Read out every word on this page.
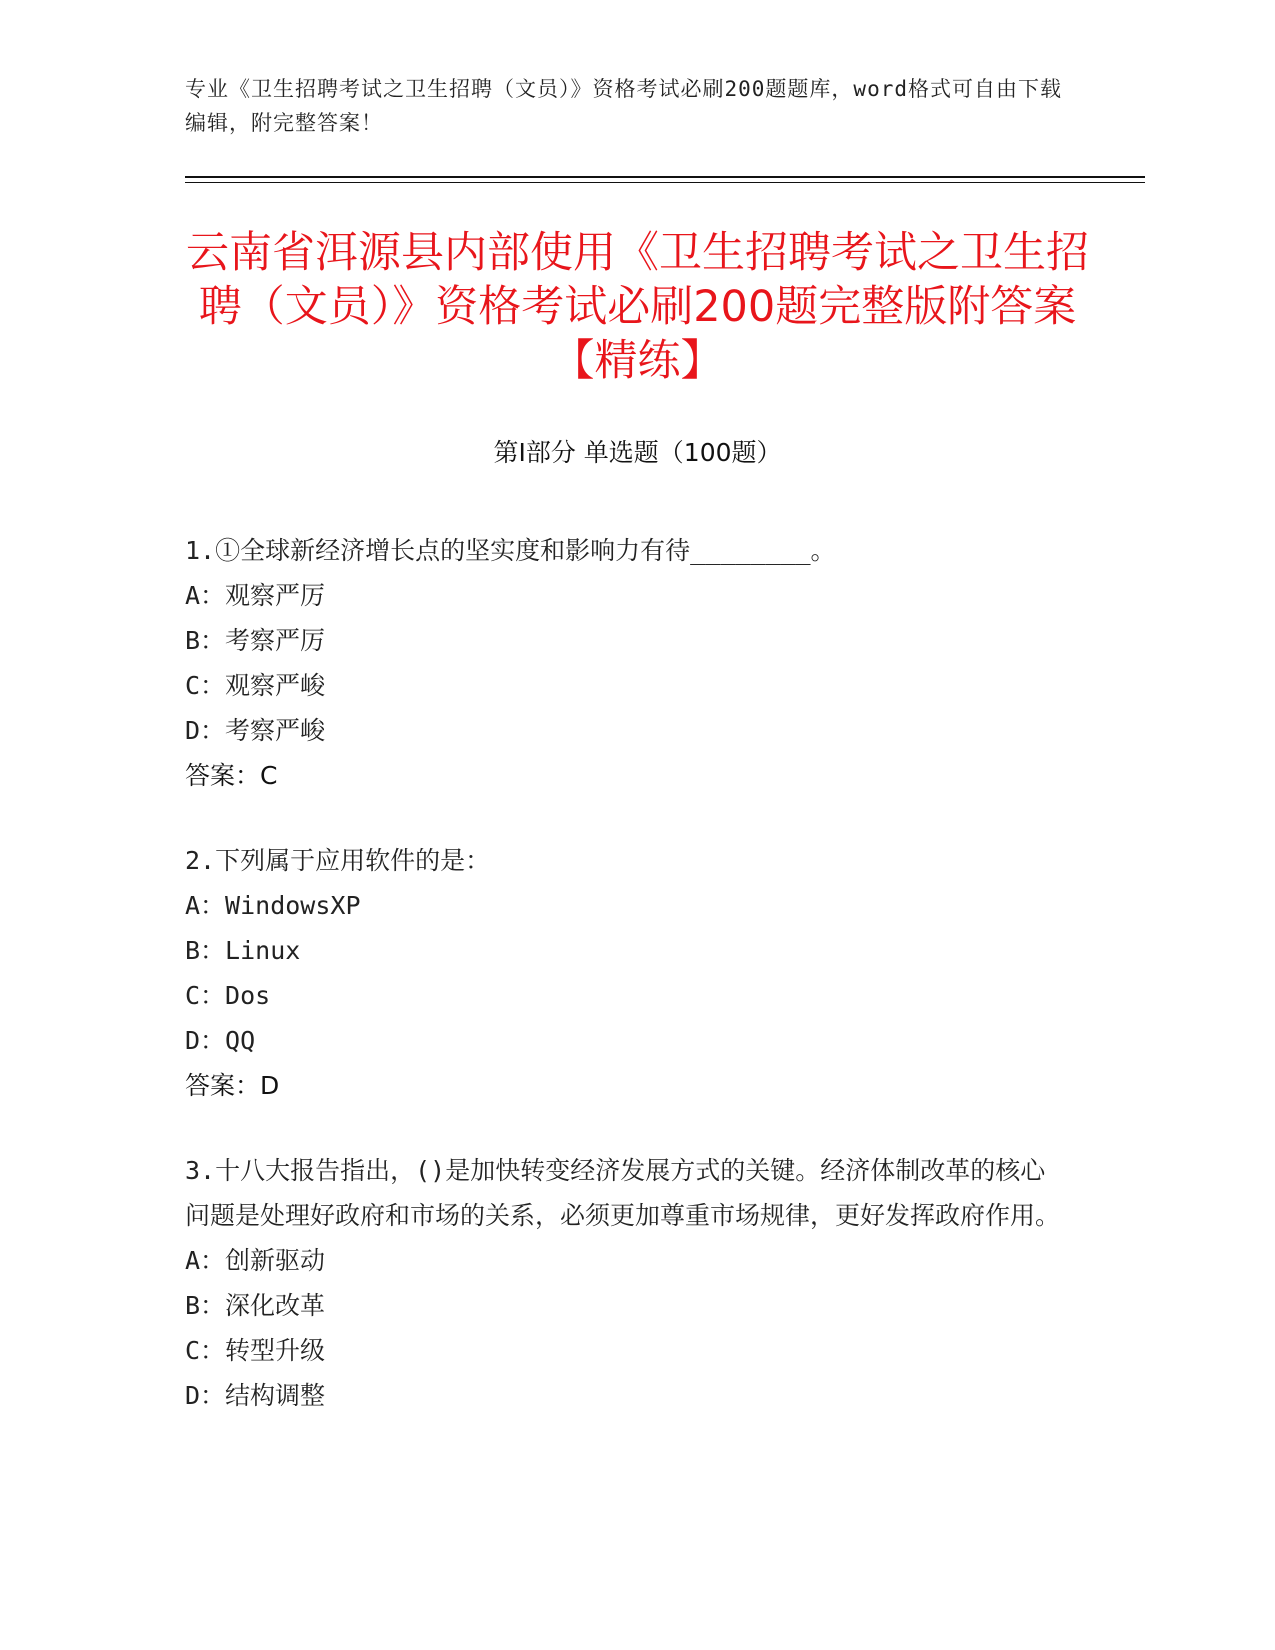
专业《卫生招聘考试之卫生招聘（文员）》资格考试必刷200题题库，word格式可自由下载编辑，附完整答案！
云南省洱源县内部使用《卫生招聘考试之卫生招聘（文员）》资格考试必刷200题完整版附答案【精练】
第Ⅰ部分 单选题（100题）
1.①全球新经济增长点的坚实度和影响力有待________。
A：观察严厉
B：考察严厉
C：观察严峻
D：考察严峻
答案：C
2.下列属于应用软件的是：
A：WindowsXP
B：Linux
C：Dos
D：QQ
答案：D
3.十八大报告指出，()是加快转变经济发展方式的关键。经济体制改革的核心问题是处理好政府和市场的关系，必须更加尊重市场规律，更好发挥政府作用。
A：创新驱动
B：深化改革
C：转型升级
D：结构调整
